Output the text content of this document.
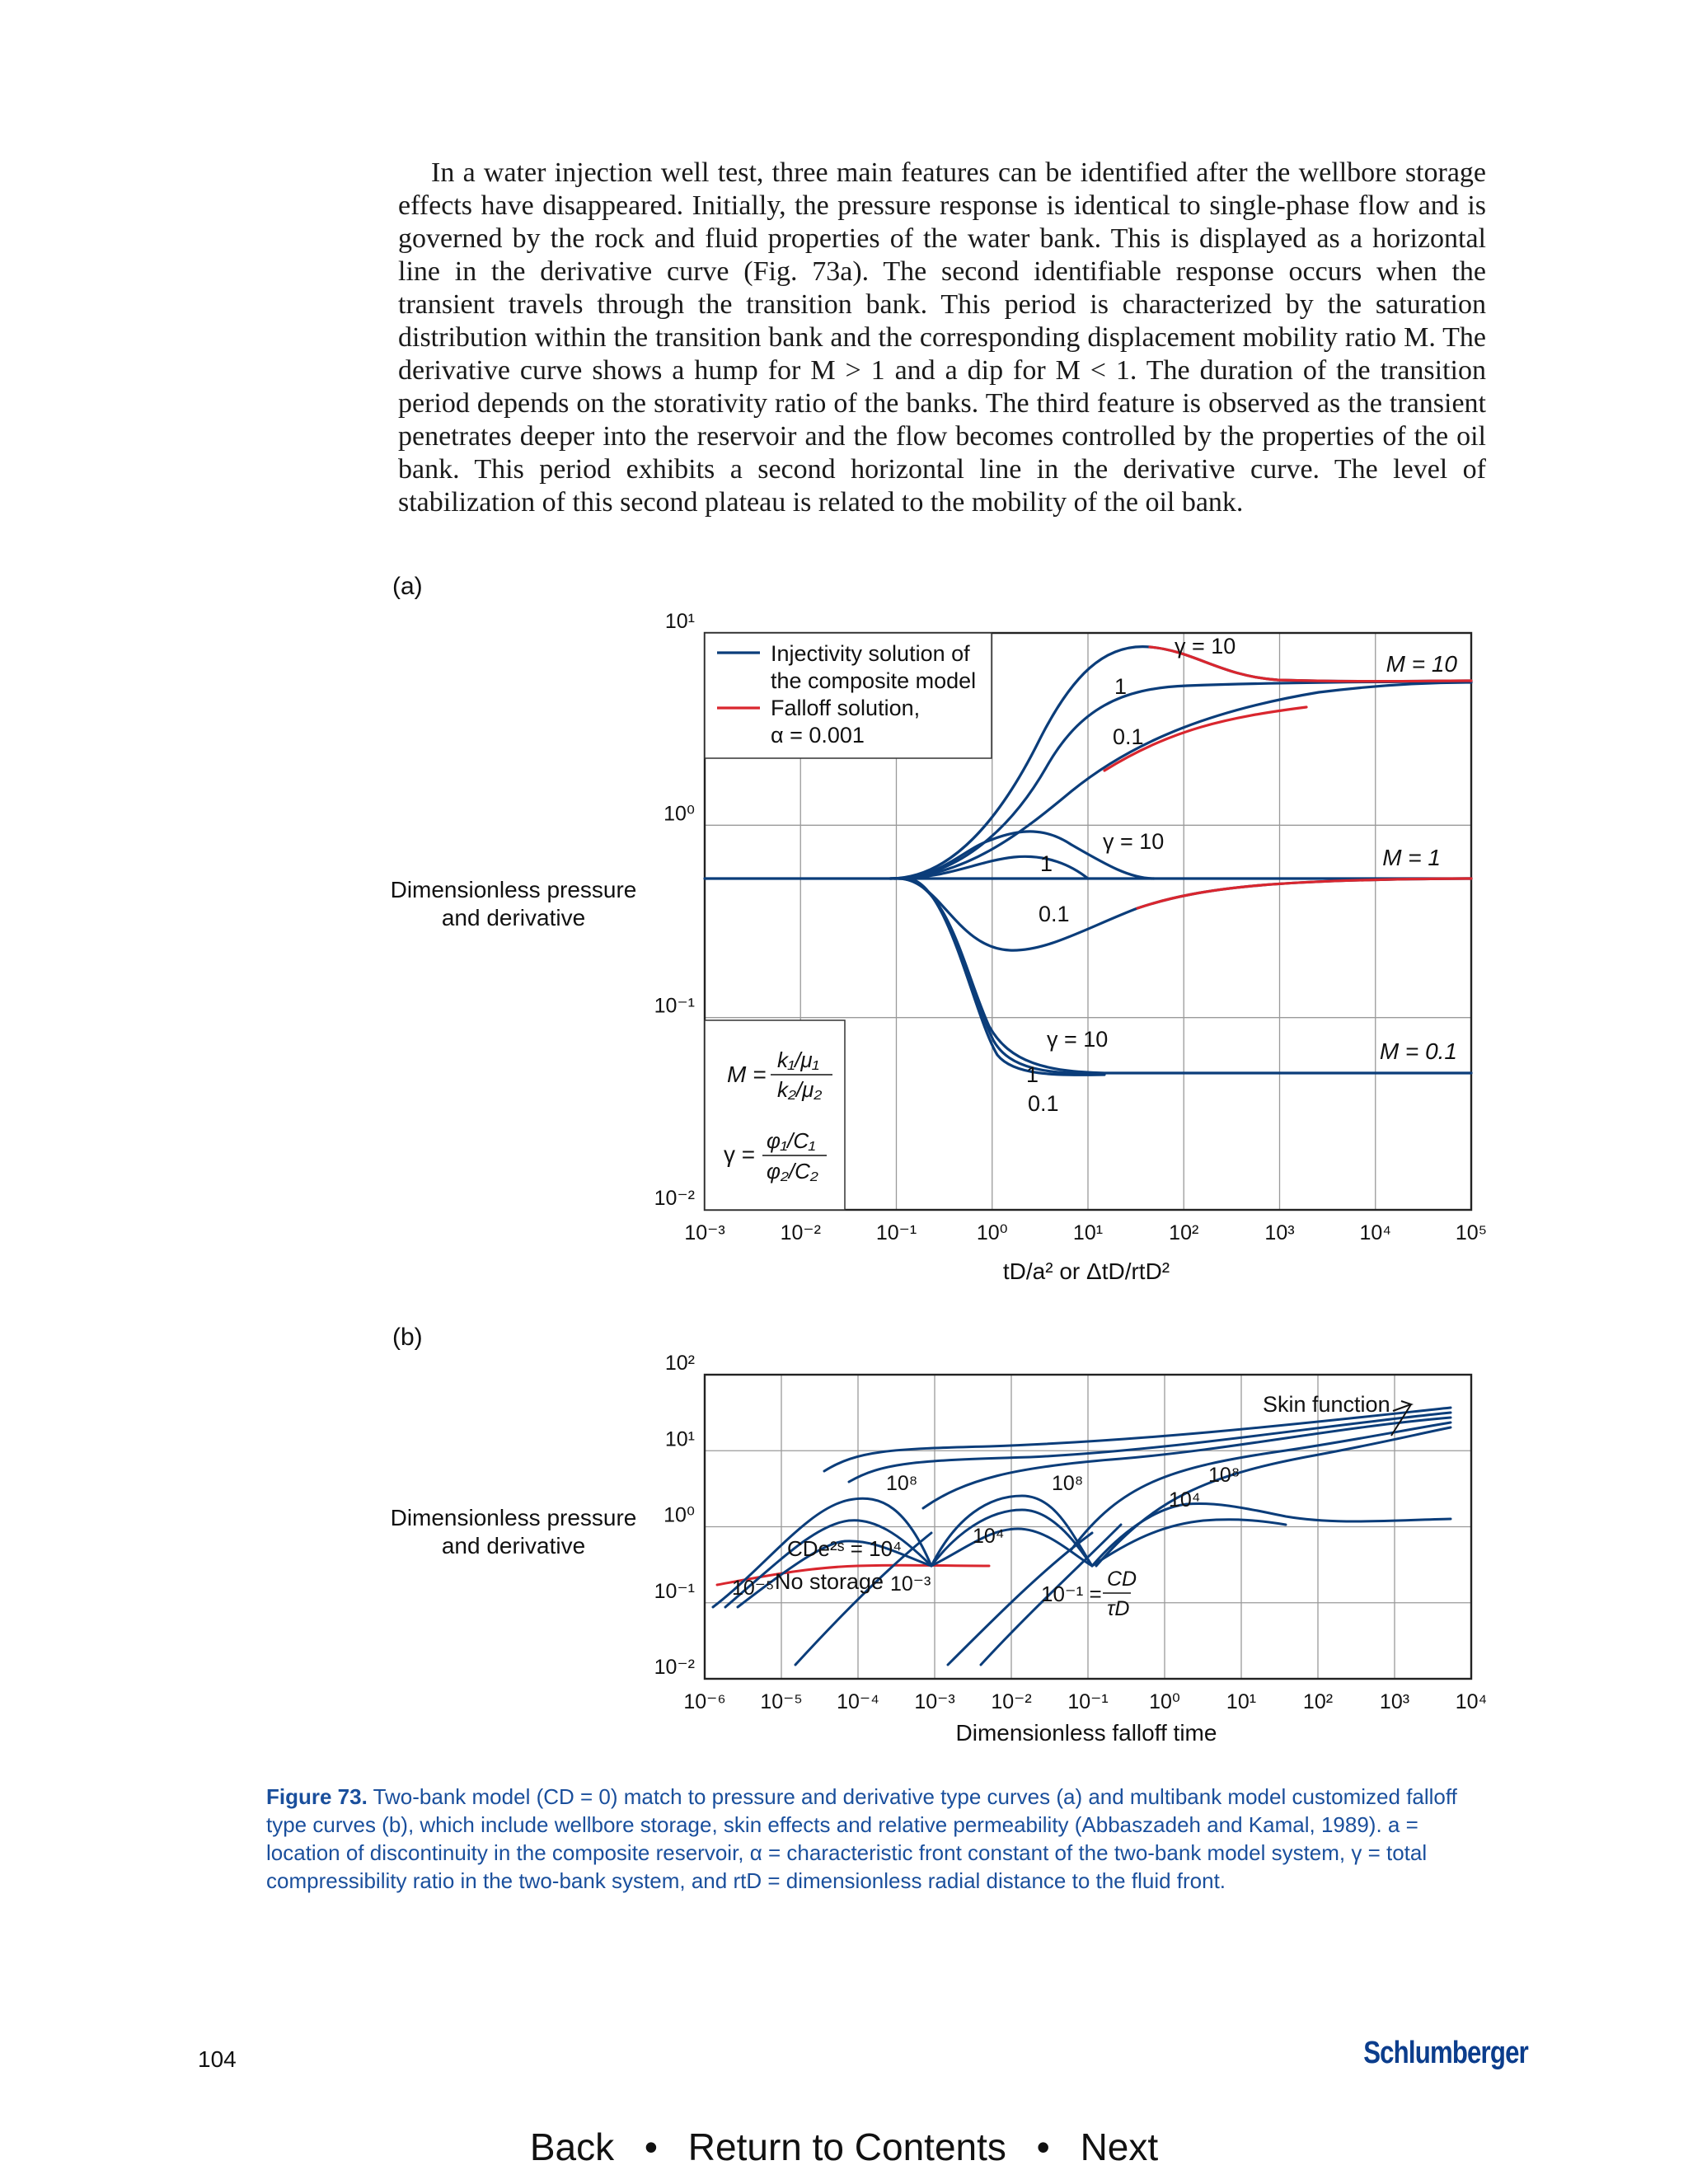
In a water injection well test, three main features can be identified after the wellbore storage effects have disappeared. Initially, the pressure response is identical to single-phase flow and is governed by the rock and fluid properties of the water bank. This is displayed as a horizontal line in the derivative curve (Fig. 73a). The second identifiable response occurs when the transient travels through the transition bank. This period is characterized by the saturation distribution within the transition bank and the corresponding displacement mobility ratio M. The derivative curve shows a hump for M > 1 and a dip for M < 1. The duration of the transition period depends on the storativity ratio of the banks. The third feature is observed as the transient penetrates deeper into the reservoir and the flow becomes controlled by the properties of the oil bank. This period exhibits a second horizontal line in the derivative curve. The level of stabilization of this second plateau is related to the mobility of the oil bank.
(a)
Dimensionless pressure
and derivative
10⁻³	10⁻²	10⁻¹	10⁰	10¹	10²	10³	10⁴	10⁵
10¹
10⁰
10⁻¹
10⁻²
Injectivity solution of
the composite model
Falloff solution,
α = 0.001
M =
k₁/μ₁
k₂/μ₂
γ =
φ₁/C₁
φ₂/C₂
γ = 10
1
0.1
M = 10
γ = 10
1
0.1
M = 1
γ = 10
1
0.1
M = 0.1
tD/a² or ΔtD/rtD²
(b)
Dimensionless pressure
and derivative
10⁻⁶ 10⁻⁵ 10⁻⁴ 10⁻³ 10⁻² 10⁻¹ 10⁰ 10¹ 10² 10³ 10⁴
10²
10¹
10⁰
10⁻¹
10⁻²
Skin function
10⁸	10⁸	10⁸
10⁴
10⁴
CDe²ˢ = 10⁴
No storage
10⁻⁵	10⁻³	10⁻¹ =
CD
τD
Dimensionless falloff time
Figure 73. Two-bank model (CD = 0) match to pressure and derivative type curves (a) and multibank model customized falloff type curves (b), which include wellbore storage, skin effects and relative permeability (Abbaszadeh and Kamal, 1989). a = location of discontinuity in the composite reservoir, α = characteristic front constant of the two-bank model system, γ = total compressibility ratio in the two-bank system, and rtD = dimensionless radial distance to the fluid front.
104	Schlumberger
Back • Return to Contents • Next
